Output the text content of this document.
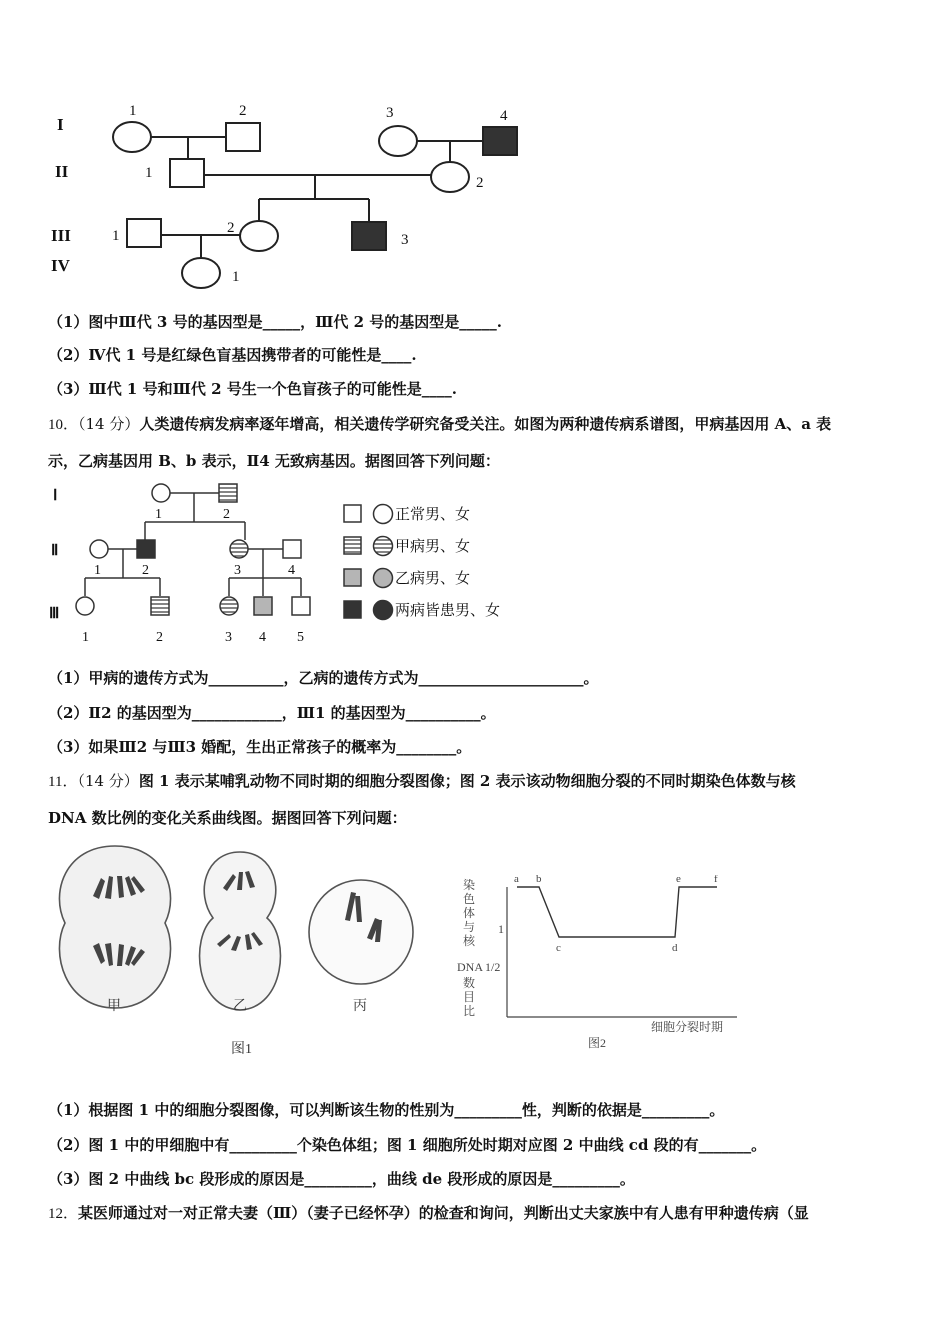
I
II
III
IV
1	2	3	4
1
2
1	2
3
1
（1）图中Ⅲ代 3 号的基因型是_____，Ⅲ代 2 号的基因型是_____.
（2）Ⅳ代 1 号是红绿色盲基因携带者的可能性是____.
（3）Ⅲ代 1 号和Ⅲ代 2 号生一个色盲孩子的可能性是____.
10．（14 分）人类遗传病发病率逐年增高，相关遗传学研究备受关注。如图为两种遗传病系谱图，甲病基因用 A、a 表
示，乙病基因用 B、b 表示，Ⅱ4 无致病基因。据图回答下列问题：
Ⅰ
Ⅱ
Ⅲ
1	2
1	2	3	4
1	2	3 4 5
正常男、女
甲病男、女
乙病男、女
两病皆患男、女
（1）甲病的遗传方式为__________，乙病的遗传方式为______________________。
（2）Ⅱ2 的基因型为____________，Ⅲ1 的基因型为__________。
（3）如果Ⅲ2 与Ⅲ3 婚配，生出正常孩子的概率为________。
11．（14 分）图 1 表示某哺乳动物不同时期的细胞分裂图像；图 2 表示该动物细胞分裂的不同时期染色体数与核
DNA 数比例的变化关系曲线图。据图回答下列问题：
甲	乙	丙
图1
染
色
体
与
核
DNA
数
目
比
1
1/2
细胞分裂时期
图2
a b
c	d
e	f
（1）根据图 1 中的细胞分裂图像，可以判断该生物的性别为_________性，判断的依据是_________。
（2）图 1 中的甲细胞中有_________个染色体组；图 1 细胞所处时期对应图 2 中曲线 cd 段的有_______。
（3）图 2 中曲线 bc 段形成的原因是_________，曲线 de 段形成的原因是_________。
12．某医师通过对一对正常夫妻（Ⅲ）（妻子已经怀孕）的检查和询问，判断出丈夫家族中有人患有甲种遗传病（显
